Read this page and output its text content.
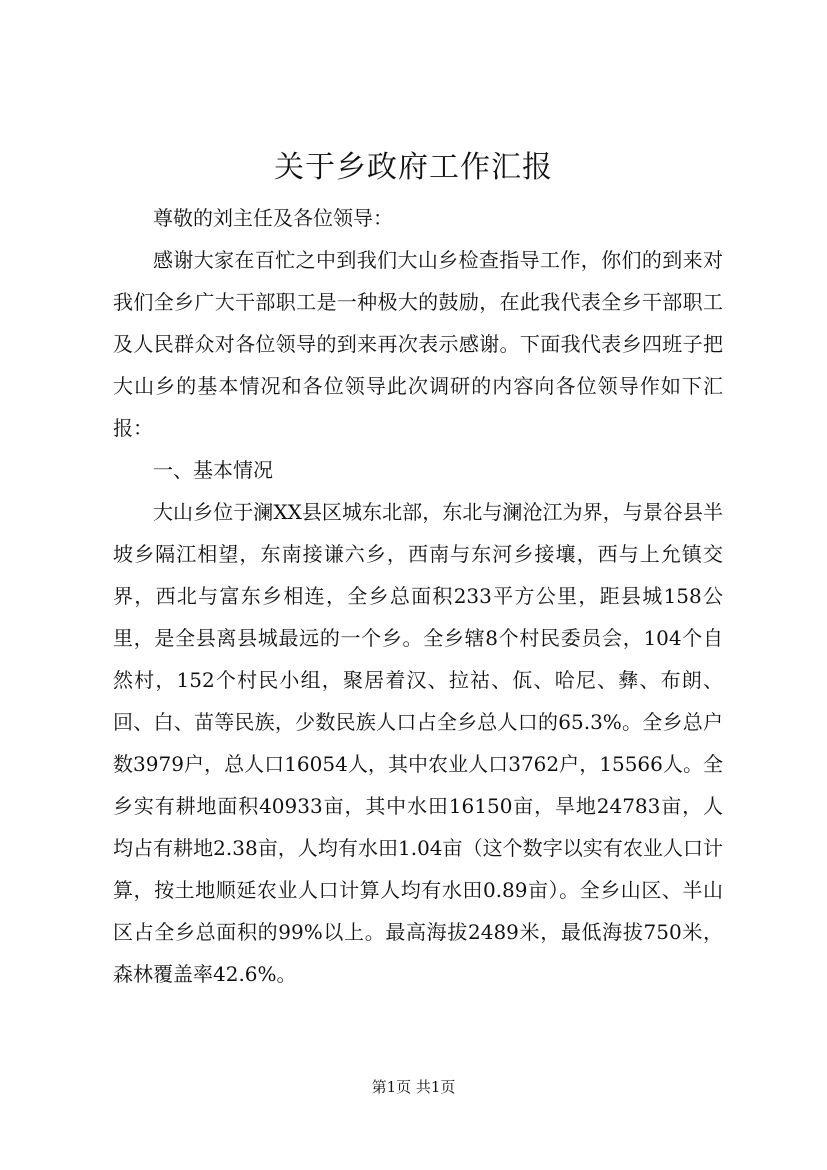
关于乡政府工作汇报

尊敬的刘主任及各位领导：

感谢大家在百忙之中到我们大山乡检查指导工作，你们的到来对我们全乡广大干部职工是一种极大的鼓励，在此我代表全乡干部职工及人民群众对各位领导的到来再次表示感谢。下面我代表乡四班子把大山乡的基本情况和各位领导此次调研的内容向各位领导作如下汇报：

一、基本情况

大山乡位于澜XX县区城东北部，东北与澜沧江为界，与景谷县半坡乡隔江相望，东南接谦六乡，西南与东河乡接壤，西与上允镇交界，西北与富东乡相连，全乡总面积233平方公里，距县城158公里，是全县离县城最远的一个乡。全乡辖8个村民委员会，104个自然村，152个村民小组，聚居着汉、拉祜、佤、哈尼、彝、布朗、回、白、苗等民族，少数民族人口占全乡总人口的65.3%。全乡总户数3979户，总人口16054人，其中农业人口3762户，15566人。全乡实有耕地面积40933亩，其中水田16150亩，旱地24783亩，人均占有耕地2.38亩，人均有水田1.04亩（这个数字以实有农业人口计算，按土地顺延农业人口计算人均有水田0.89亩）。全乡山区、半山区占全乡总面积的99%以上。最高海拔2489米，最低海拔750米，森林覆盖率42.6%。

第1页 共1页
